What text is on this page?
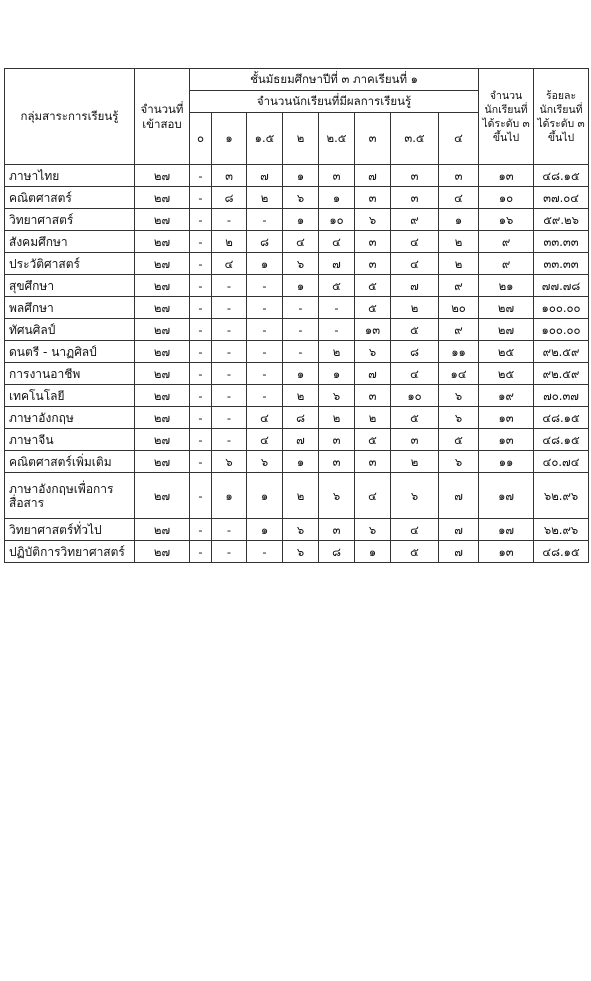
กลุ่มสาระการเรียนรู้	จำนวนที่เข้าสอบ	ชั้นมัธยมศึกษาปีที่ ๓ ภาคเรียนที่ ๑								จำนวนนักเรียนที่ได้ระดับ ๓ ขึ้นไป	ร้อยละนักเรียนที่ได้ระดับ ๓ ขึ้นไป
		จำนวนนักเรียนที่มีผลการเรียนรู้									
		๐	๑	๑.๕	๒	๒.๕	๓	๓.๕	๔		
ภาษาไทย	๒๗	-	๓	๗	๑	๓	๗	๓	๓	๑๓	๔๘.๑๕
คณิตศาสตร์	๒๗	-	๘	๒	๖	๑	๓	๓	๔	๑๐	๓๗.๐๔
วิทยาศาสตร์	๒๗	-	-	-	๑	๑๐	๖	๙	๑	๑๖	๕๙.๒๖
สังคมศึกษา	๒๗	-	๒	๘	๔	๔	๓	๔	๒	๙	๓๓.๓๓
ประวัติศาสตร์	๒๗	-	๔	๑	๖	๗	๓	๔	๒	๙	๓๓.๓๓
สุขศึกษา	๒๗	-	-	-	๑	๕	๕	๗	๙	๒๑	๗๗.๗๘
พลศึกษา	๒๗	-	-	-	-	-	๕	๒	๒๐	๒๗	๑๐๐.๐๐
ทัศนศิลป์	๒๗	-	-	-	-	-	๑๓	๕	๙	๒๗	๑๐๐.๐๐
ดนตรี - นาฏศิลป์	๒๗	-	-	-	-	๒	๖	๘	๑๑	๒๕	๙๒.๕๙
การงานอาชีพ	๒๗	-	-	-	๑	๑	๗	๔	๑๔	๒๕	๙๒.๕๙
เทคโนโลยี	๒๗	-	-	-	๒	๖	๓	๑๐	๖	๑๙	๗๐.๓๗
ภาษาอังกฤษ	๒๗	-	-	๔	๘	๒	๒	๕	๖	๑๓	๔๘.๑๕
ภาษาจีน	๒๗	-	-	๔	๗	๓	๕	๓	๕	๑๓	๔๘.๑๕
คณิตศาสตร์เพิ่มเติม	๒๗	-	๖	๖	๑	๓	๓	๒	๖	๑๑	๔๐.๗๔
ภาษาอังกฤษเพื่อการสื่อสาร	๒๗	-	๑	๑	๒	๖	๔	๖	๗	๑๗	๖๒.๙๖
วิทยาศาสตร์ทั่วไป	๒๗	-	-	๑	๖	๓	๖	๔	๗	๑๗	๖๒.๙๖
ปฏิบัติการวิทยาศาสตร์	๒๗	-	-	-	๖	๘	๑	๕	๗	๑๓	๔๘.๑๕
